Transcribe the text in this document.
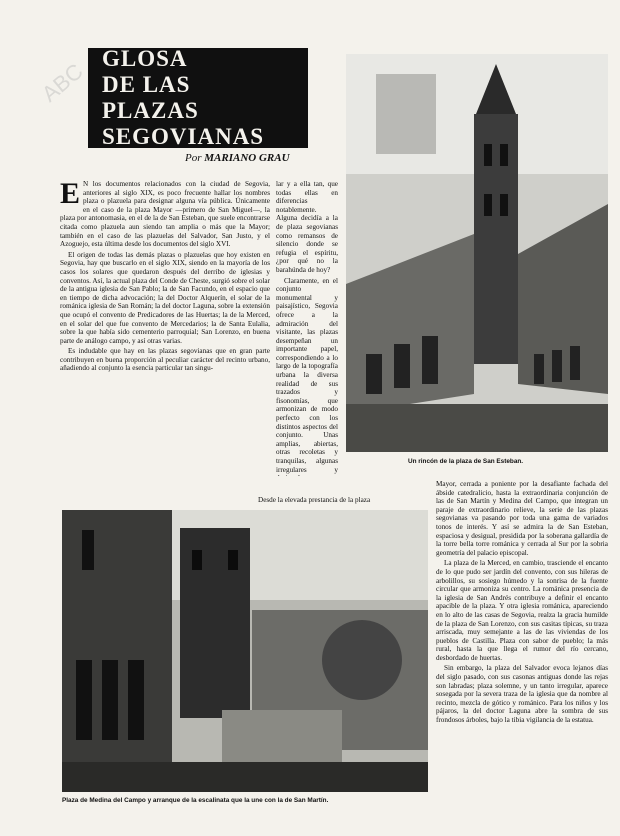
ABC GLOSA
DE LAS
PLAZAS SEGOVIANAS
Por MARIANO GRAU

E N los documentos relacionados con la ciudad de Segovia, anteriores al siglo XIX, es poco frecuente hallar los nombres plaza o plazuela para designar alguna vía pública. Únicamente en el caso de la plaza Mayor —primero de San Miguel—, la plaza por antonomasia, en el de la de San Esteban, que suele encontrarse citada como plazuela aun siendo tan amplia o más que la Mayor; también en el caso de las plazuelas del Salvador, San Justo, y el Azoguejo, esta última desde los documentos del siglo XVI.

El origen de todas las demás plazas o plazuelas que hoy existen en Segovia, hay que buscarlo en el siglo XIX, siendo en la mayoría de los casos los solares que quedaron después del derribo de iglesias y conventos. Así, la actual plaza del Conde de Cheste, surgió sobre el solar de la antigua iglesia de San Pablo; la de San Facundo, en el espacio que en tiempo de dicha advocación; la del Doctor Alquerín, el solar de la románica iglesia de San Román; la del doctor Laguna, sobre la extensión que ocupó el convento de Predicadores de las Huertas; la de la Merced, en el solar del que fue convento de Mercedarios; la de Santa Eulalia, sobre la que había sido cementerio parroquial; San Lorenzo, en buena parte de análogo campo, y así otras varias.

Es indudable que hay en las plazas segovianas que en gran parte contribuyen en buena proporción al peculiar carácter del recinto urbano, añadiendo al conjunto la esencia particular tan singu-

lar y a ella tan, que todas ellas en diferencias notablemente. Alguna decidía a la de plaza segovianas como remansos de silencio donde se refugia el espíritu, ¿por qué no la barahúnda de hoy?

Claramente, en el conjunto monumental y paisajístico, Segovia ofrece a la admiración del visitante, las plazas desempeñan un importante papel, correspondiendo a lo largo de la topografía urbana la diversa realidad de sus trazados y fisonomías, que armonizan de modo perfecto con los distintos aspectos del conjunto. Unas amplias, abiertas, otras recoletas y tranquilas, algunas irregulares y

Desde la elevada prestancia de la plaza
Un rincón de la plaza de San Esteban.
Plaza de Medina del Campo y arranque de la escalinata que la une con la de San Martín.

Mayor, cerrada a poniente por la desafiante fachada del ábside catedralicio, hasta la extraordinaria conjunción de las de San Martín y Medina del Campo, que integran un paraje de extraordinario relieve, la serie de las plazas segovianas va pasando por toda una gama de variados tonos de interés. Y así se admira la de San Esteban, espaciosa y desigual, presidida por la soberana gallardía de la torre bella torre románica y cerrada al Sur por la sobria geometría del palacio episcopal.

La plaza de la Merced, en cambio, trasciende el encanto de lo que pudo ser jardín del convento, con sus hileras de arbolillos, su sosiego húmedo y la sonrisa de la fuente circular que armoniza su centro. La románica presencia de la iglesia de San Andrés contribuye a definir el encanto apacible de la plaza. Y otra iglesia románica, apareciendo en lo alto de las casas de Segovia, realza la gracia humilde de la plaza de San Lorenzo, con sus casitas típicas, su traza arriscada, muy semejante a las de las viviendas de los pueblos de Castilla. Plaza con sabor de pueblo; la más rural, hasta la que llega el rumor del río cercano, desbordado de huertas.

Sin embargo, la plaza del Salvador evoca lejanos días del siglo pasado, con sus casonas antiguas donde las rejas son labradas; plaza solemne, y un tanto irregular, aparece sosegada por la severa traza de la iglesia que da nombre al recinto, mezcla de gótico y románico. Para los niños y los pájaros, la del doctor Laguna abre la sombra de sus frondosos árboles, bajo la tibia vigilancia de la estatua.
